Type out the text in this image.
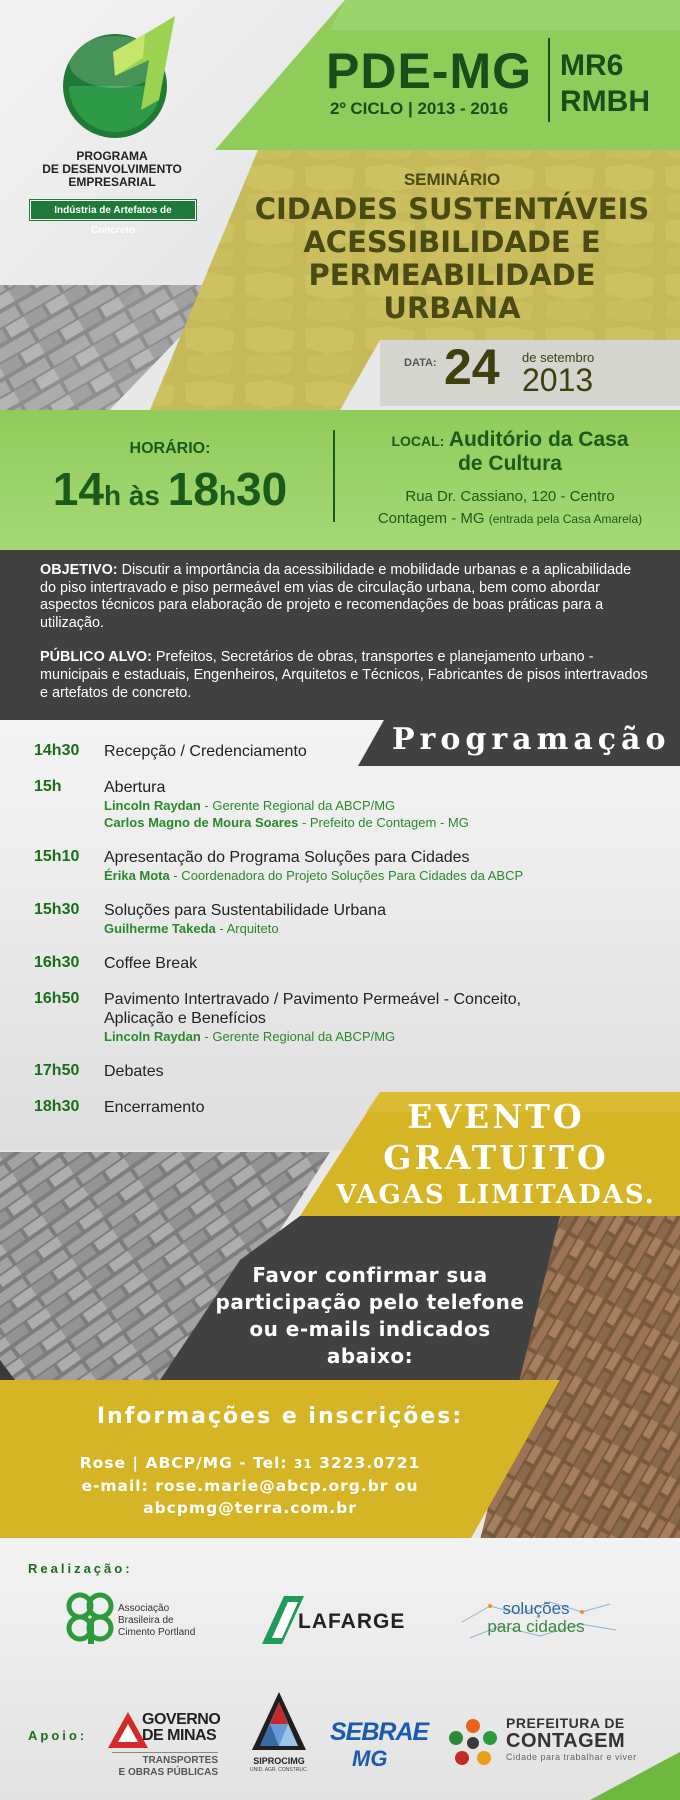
PROGRAMA
DE DESENVOLVIMENTO
EMPRESARIAL
Indústria de Artefatos de Concreto
PDE-MG
2º CICLO | 2013 - 2016
MR6
RMBH
SEMINÁRIO
CIDADES SUSTENTÁVEIS
ACESSIBILIDADE E
PERMEABILIDADE
URBANA
DATA: 24 de setembro
2013
HORÁRIO:
14h às 18h30
LOCAL: Auditório da Casa
de Cultura
Rua Dr. Cassiano, 120 - Centro
Contagem - MG (entrada pela Casa Amarela)

OBJETIVO: Discutir a importância da acessibilidade e mobilidade urbanas e a aplicabilidade do piso intertravado e piso permeável em vias de circulação urbana, bem como abordar aspectos técnicos para elaboração de projeto e recomendações de boas práticas para a utilização.

PÚBLICO ALVO: Prefeitos, Secretários de obras, transportes e planejamento urbano - municipais e estaduais, Engenheiros, Arquitetos e Técnicos, Fabricantes de pisos intertravados e artefatos de concreto.

Programação
14h30	Recepção / Credenciamento
15h	Abertura
Lincoln Raydan - Gerente Regional da ABCP/MG
Carlos Magno de Moura Soares - Prefeito de Contagem - MG
15h10	Apresentação do Programa Soluções para Cidades
Érika Mota - Coordenadora do Projeto Soluções Para Cidades da ABCP
15h30	Soluções para Sustentabilidade Urbana
Guilherme Takeda - Arquiteto
16h30	Coffee Break
16h50	Pavimento Intertravado / Pavimento Permeável - Conceito, Aplicação e Benefícios
Lincoln Raydan - Gerente Regional da ABCP/MG
17h50	Debates
18h30	Encerramento	EVENTO
GRATUITO
VAGAS LIMITADAS.
Favor confirmar sua
participação pelo telefone
ou e-mails indicados
abaixo:
Informações e inscrições:
Rose | ABCP/MG - Tel: 31 3223.0721
e-mail: rose.marie@abcp.org.br ou
abcpmg@terra.com.br
Realização:
Associação
Brasileira de
Cimento Portland	LAFARGE
soluções
para cidades
Apoio:
GOVERNO
DE MINAS
TRANSPORTES
E OBRAS PÚBLICAS
SIPROCIMG
UNID. AGR. CONSTRUC.
SEBRAE
MG
PREFEITURA DE
CONTAGEM
Cidade para trabalhar e viver
